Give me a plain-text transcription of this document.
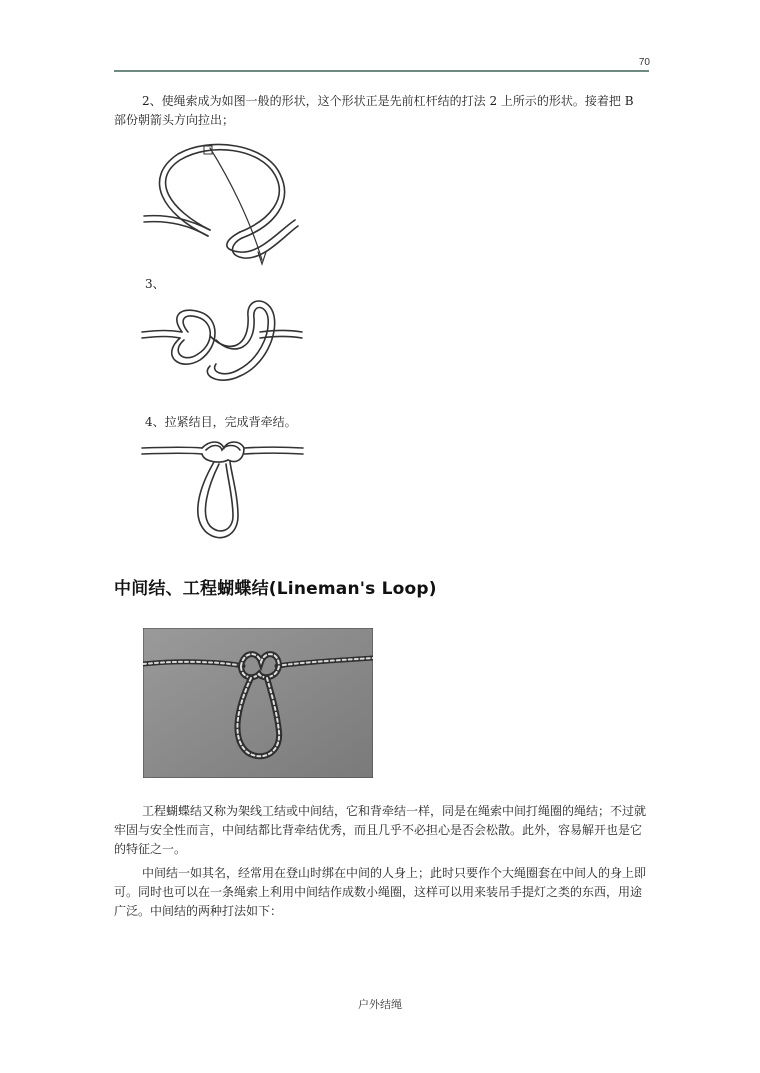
70

2、使绳索成为如图一般的形状，这个形状正是先前杠杆结的打法 2 上所示的形状。接着把 B 部份朝箭头方向拉出；

3、
4、拉紧结目，完成背牵结。
中间结、工程蝴蝶结(Lineman's Loop)

工程蝴蝶结又称为架线工结或中间结，它和背牵结一样，同是在绳索中间打绳圈的绳结；不过就牢固与安全性而言，中间结都比背牵结优秀，而且几乎不必担心是否会松散。此外，容易解开也是它的特征之一。

中间结一如其名，经常用在登山时绑在中间的人身上；此时只要作个大绳圈套在中间人的身上即可。同时也可以在一条绳索上利用中间结作成数小绳圈，这样可以用来装吊手提灯之类的东西，用途广泛。中间结的两种打法如下：

户外结绳
